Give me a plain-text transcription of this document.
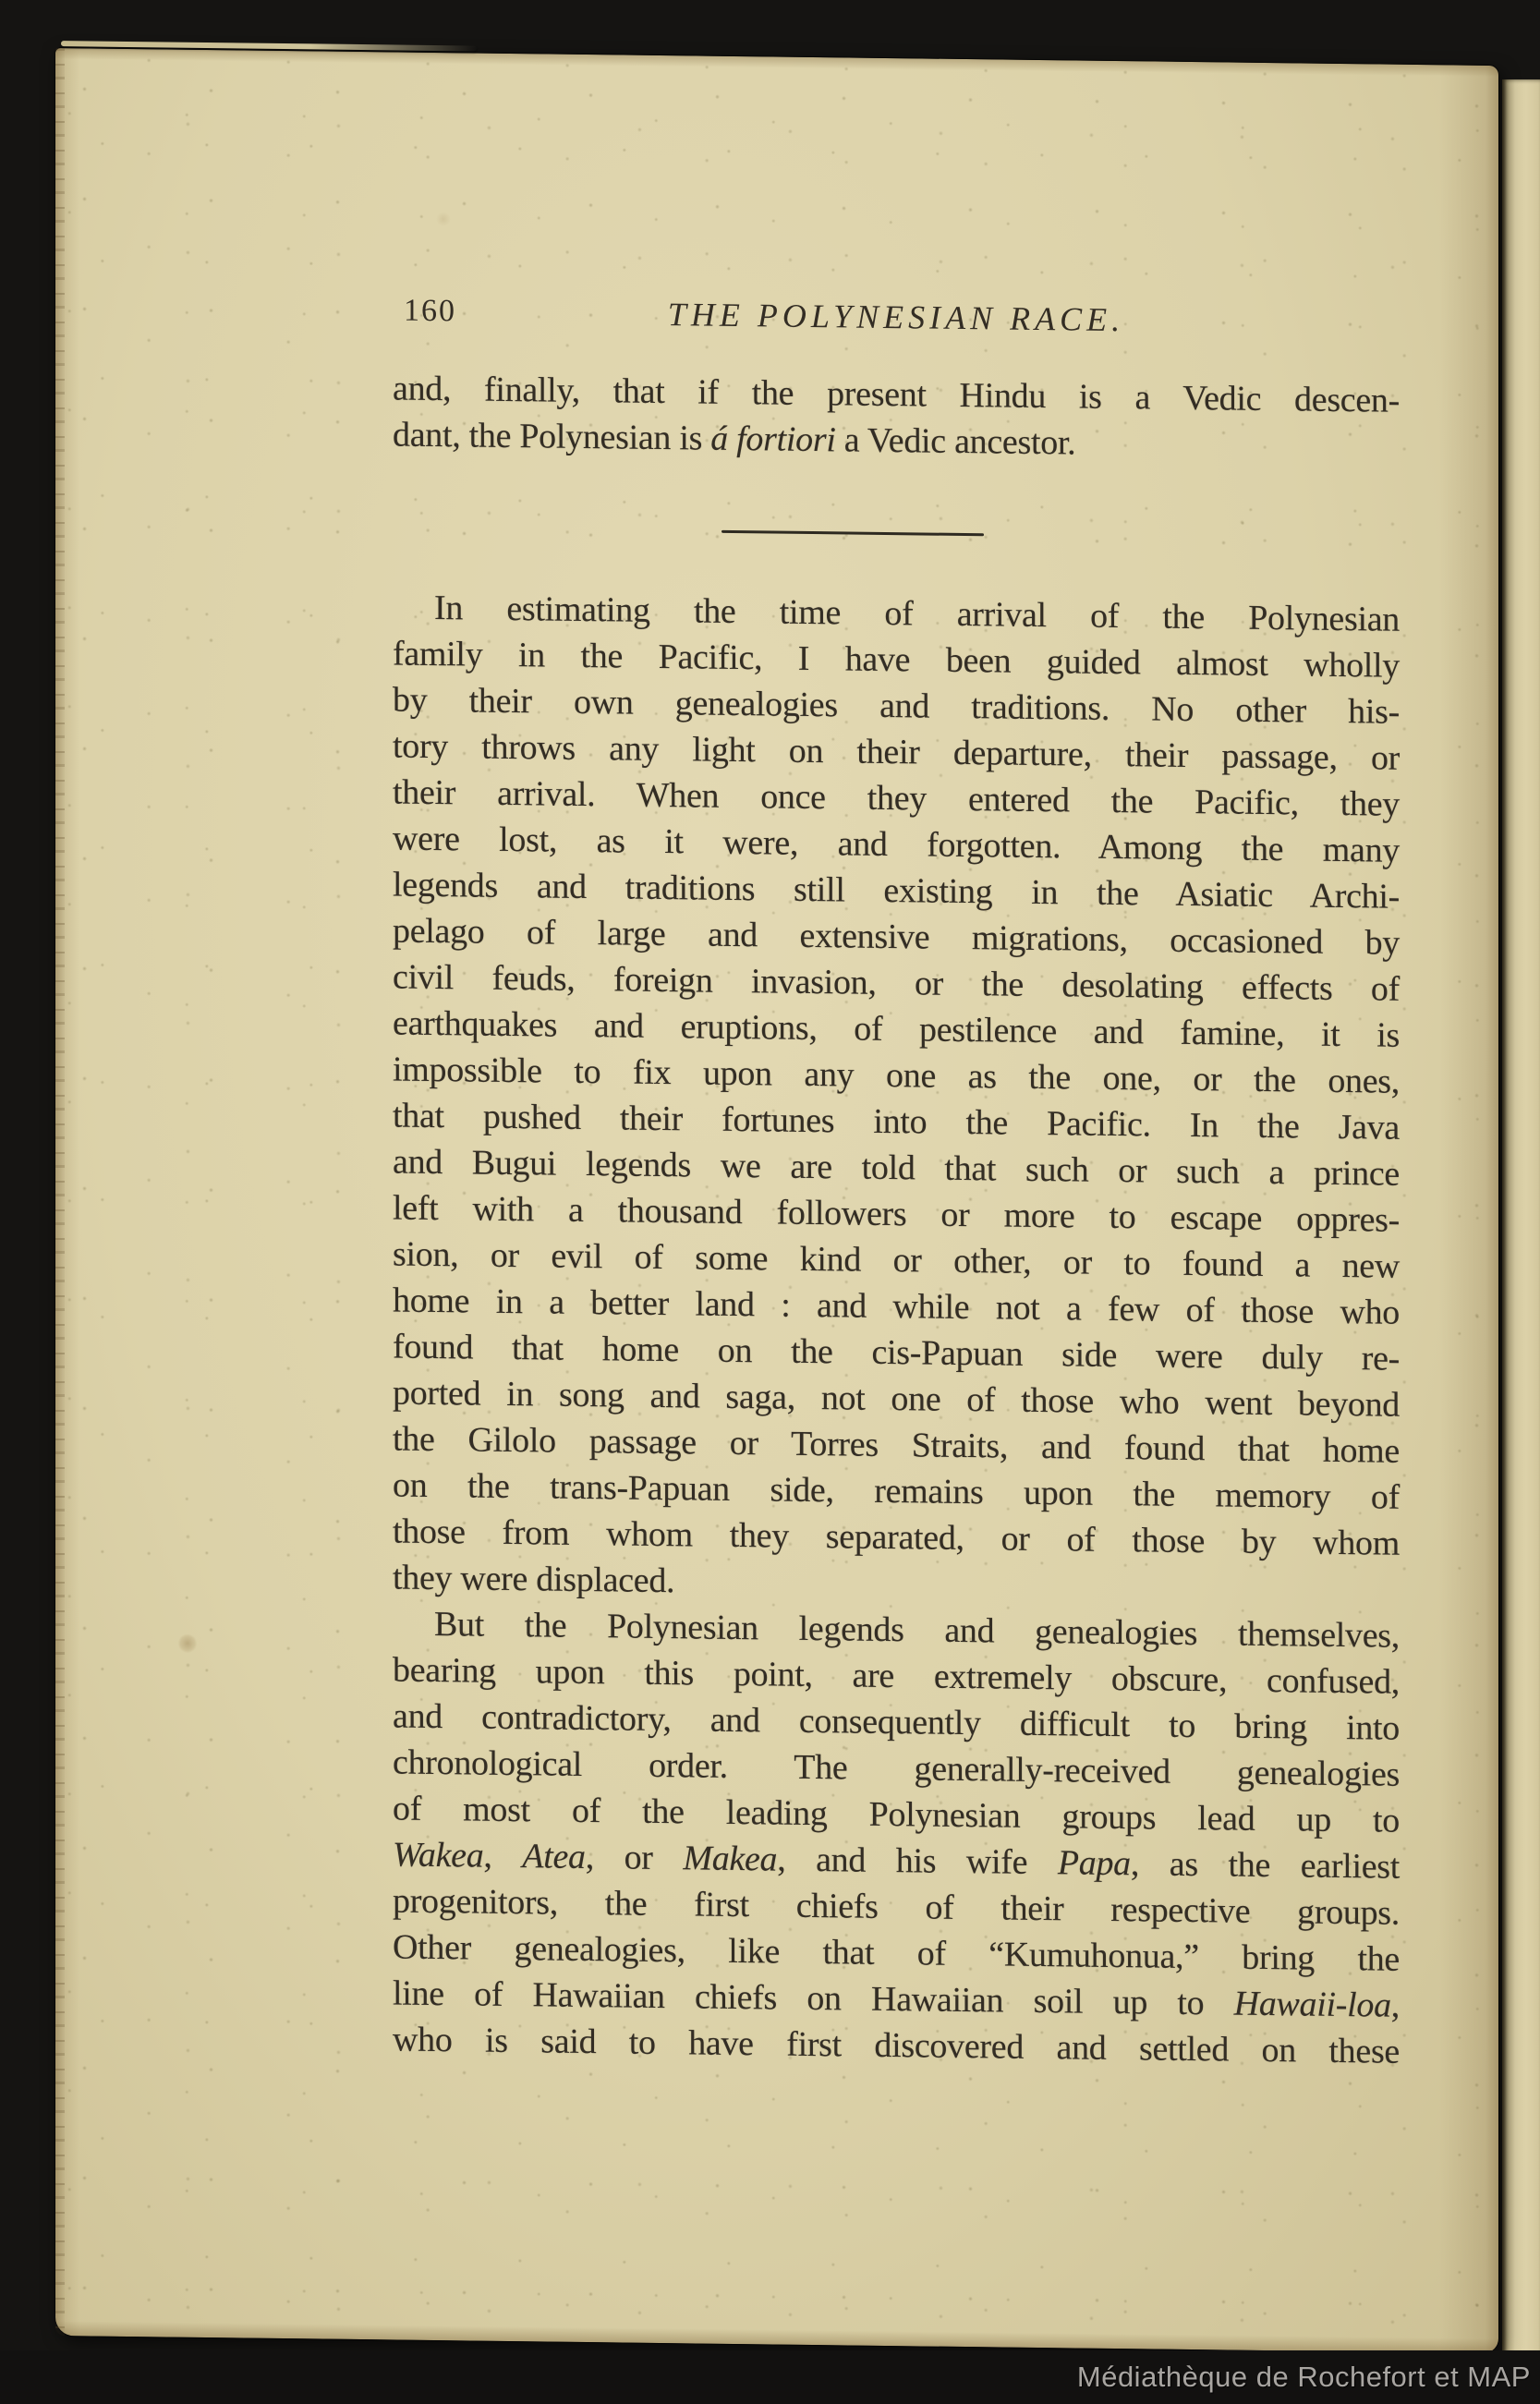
160	THE POLYNESIAN RACE.
and, finally, that if the present Hindu is a Vedic descen-
dant, the Polynesian is á fortiori a Vedic ancestor.
In estimating the time of arrival of the Polynesian
family in the Pacific, I have been guided almost wholly
by their own genealogies and traditions. No other his-
tory throws any light on their departure, their passage, or
their arrival. When once they entered the Pacific, they
were lost, as it were, and forgotten. Among the many
legends and traditions still existing in the Asiatic Archi-
pelago of large and extensive migrations, occasioned by
civil feuds, foreign invasion, or the desolating effects of
earthquakes and eruptions, of pestilence and famine, it is
impossible to fix upon any one as the one, or the ones,
that pushed their fortunes into the Pacific. In the Java
and Bugui legends we are told that such or such a prince
left with a thousand followers or more to escape oppres-
sion, or evil of some kind or other, or to found a new
home in a better land : and while not a few of those who
found that home on the cis-Papuan side were duly re-
ported in song and saga, not one of those who went beyond
the Gilolo passage or Torres Straits, and found that home
on the trans-Papuan side, remains upon the memory of
those from whom they separated, or of those by whom
they were displaced.
But the Polynesian legends and genealogies themselves,
bearing upon this point, are extremely obscure, confused,
and contradictory, and consequently difficult to bring into
chronological order. The generally-received genealogies
of most of the leading Polynesian groups lead up to
Wakea, Atea, or Makea, and his wife Papa, as the earliest
progenitors, the first chiefs of their respective groups.
Other genealogies, like that of “Kumuhonua,” bring the
line of Hawaiian chiefs on Hawaiian soil up to Hawaii-loa,
who is said to have first discovered and settled on these
Médiathèque de Rochefort et MAP
